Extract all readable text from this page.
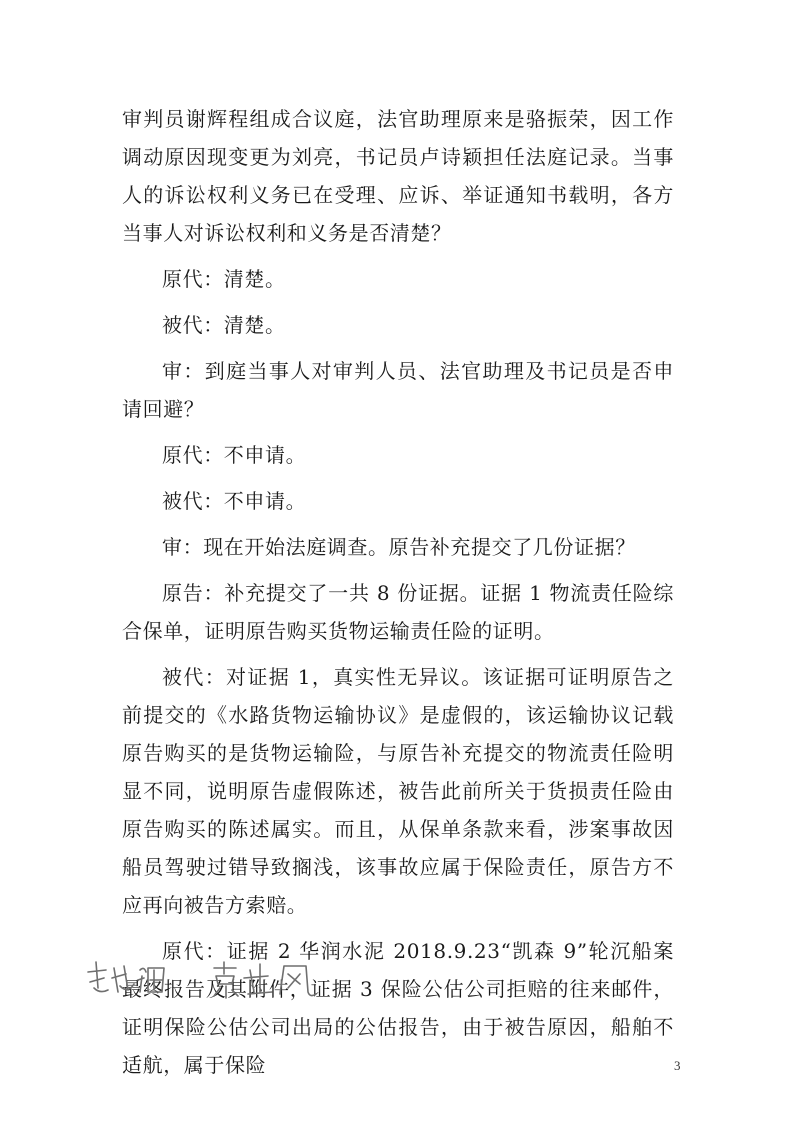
审判员谢辉程组成合议庭，法官助理原来是骆振荣，因工作调动原因现变更为刘亮，书记员卢诗颖担任法庭记录。当事人的诉讼权利义务已在受理、应诉、举证通知书载明，各方当事人对诉讼权利和义务是否清楚？

原代：清楚。

被代：清楚。

审：到庭当事人对审判人员、法官助理及书记员是否申请回避？

原代：不申请。

被代：不申请。

审：现在开始法庭调查。原告补充提交了几份证据？

原告：补充提交了一共 8 份证据。证据 1 物流责任险综合保单，证明原告购买货物运输责任险的证明。

被代：对证据 1，真实性无异议。该证据可证明原告之前提交的《水路货物运输协议》是虚假的，该运输协议记载原告购买的是货物运输险，与原告补充提交的物流责任险明显不同，说明原告虚假陈述，被告此前所关于货损责任险由原告购买的陈述属实。而且，从保单条款来看，涉案事故因船员驾驶过错导致搁浅，该事故应属于保险责任，原告方不应再向被告方索赔。

原代：证据 2 华润水泥 2018.9.23“凯森 9”轮沉船案最终报告及其附件，证据 3 保险公估公司拒赔的往来邮件，证明保险公估公司出局的公估报告，由于被告原因，船舶不适航，属于保险	3
